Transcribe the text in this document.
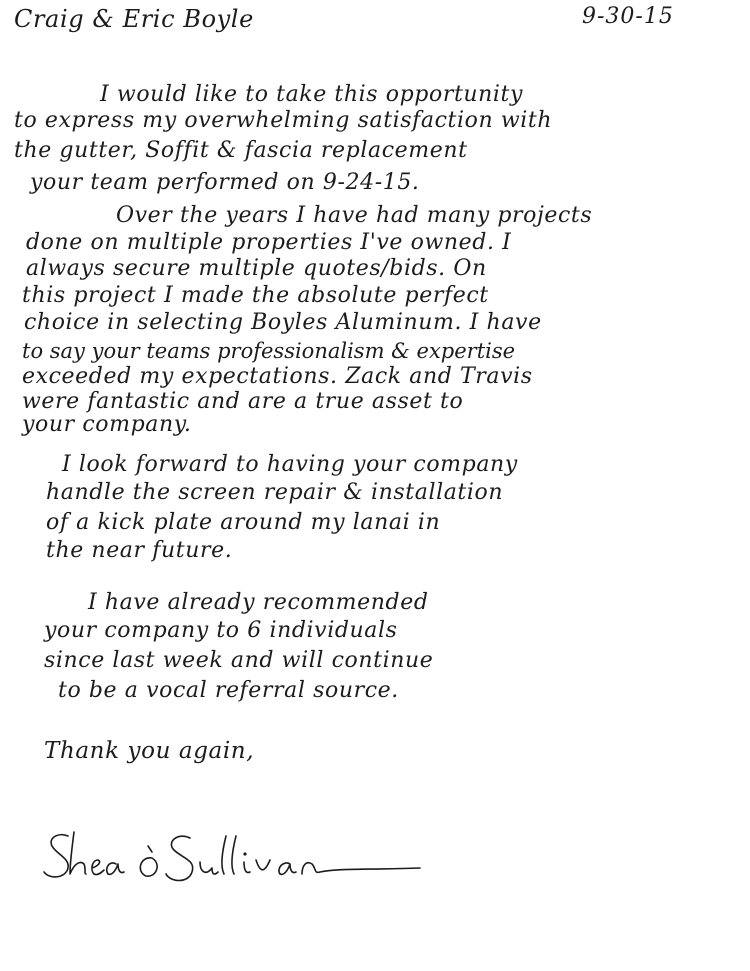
Craig & Eric Boyle	9-30-15
I would like to take this opportunity
to express my overwhelming satisfaction with
the gutter, Soffit & fascia replacement
your team performed on 9-24-15.
Over the years I have had many projects
done on multiple properties I've owned. I
always secure multiple quotes/bids. On
this project I made the absolute perfect
choice in selecting Boyles Aluminum. I have
to say your teams professionalism & expertise
exceeded my expectations. Zack and Travis
were fantastic and are a true asset to
your company.
I look forward to having your company
handle the screen repair & installation
of a kick plate around my lanai in
the near future.
I have already recommended
your company to 6 individuals
since last week and will continue
to be a vocal referral source.
Thank you again,
